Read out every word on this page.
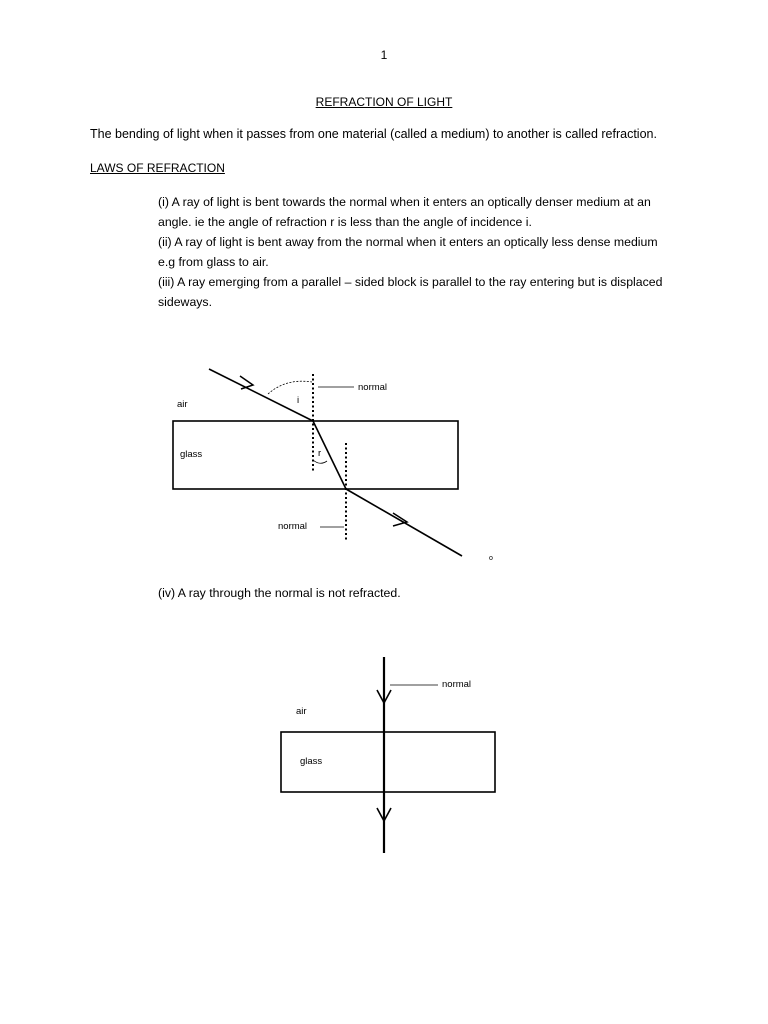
1
REFRACTION OF LIGHT
The bending of light when it passes from one material (called a medium) to another is called refraction.
LAWS OF REFRACTION

(i) A ray of light is bent towards the normal when it enters an optically denser medium at an angle. ie the angle of refraction r is less than the angle of incidence i.

(ii) A ray of light is bent away from the normal when it enters an optically less dense medium e.g from glass to air.

(iii) A ray emerging from a parallel – sided block is parallel to the ray entering but is displaced sideways.

air
glass
normal
normal
i
r
o
(iv) A ray through the normal is not refracted.
air
glass
normal
